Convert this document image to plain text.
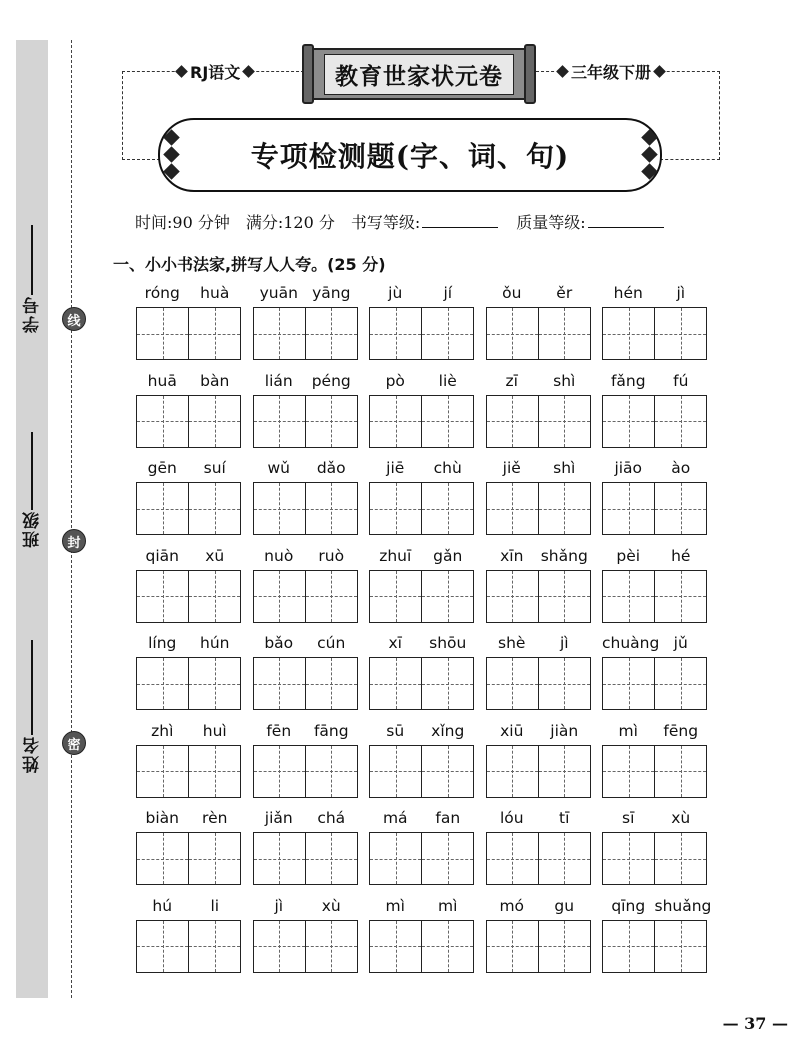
学号
班级
姓名
线
封
密
RJ语文	教育世家状元卷	三年级下册
专项检测题(字、词、句)
时间:90 分钟 满分:120 分 书写等级:	质量等级:
一、小小书法家,拼写人人夸。(25 分)
róng	huà	yuān yāng	jù	jí	ǒu	ěr	hén	jì
huā	bàn	lián	péng	pò	liè	zī	shì	fǎng	fú
gēn	suí	wǔ	dǎo	jiē	chù	jiě	shì	jiāo	ào
qiān	xū	nuò	ruò	zhuī	gǎn	xīn	shǎng	pèi	hé
líng	hún	bǎo	cún	xī	shōu	shè	jì	chuàng jǔ
zhì	huì	fēn	fāng	sū	xǐng	xiū	jiàn	mì	fēng
biàn	rèn	jiǎn	chá	má	fan	lóu	tī	sī	xù
hú	li	jì	xù	mì	mì	mó	gu	qīng shuǎng
— 37 —
